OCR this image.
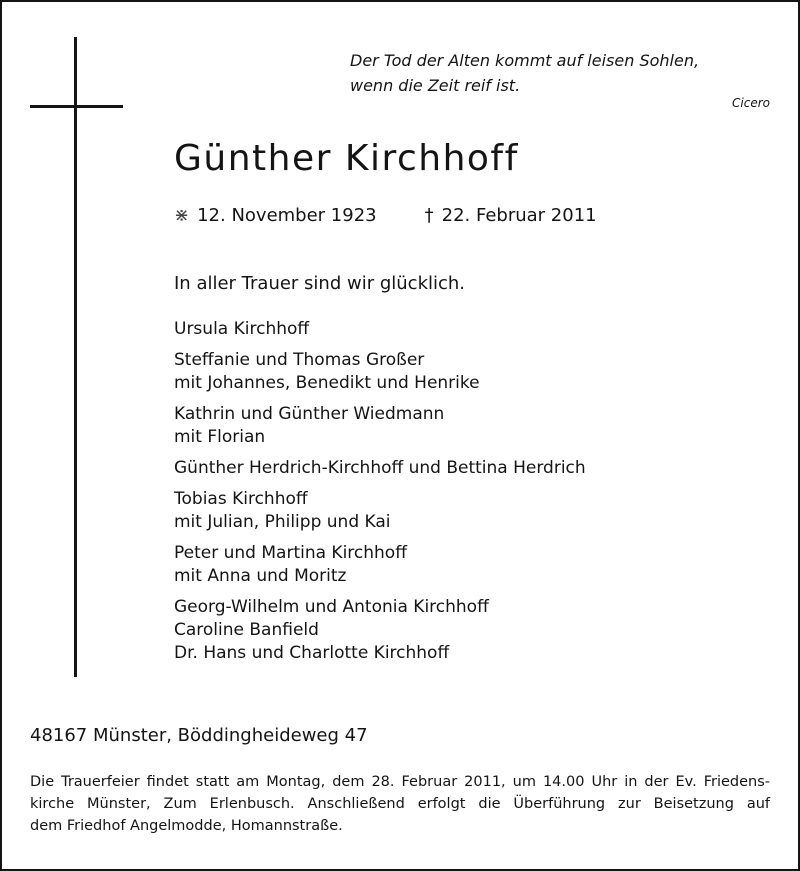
Der Tod der Alten kommt auf leisen Sohlen,
wenn die Zeit reif ist.
Cicero
Günther Kirchhoff
⋇ 12. November 1923	† 22. Februar 2011
In aller Trauer sind wir glücklich.
Ursula Kirchhoff
Steffanie und Thomas Großer
mit Johannes, Benedikt und Henrike
Kathrin und Günther Wiedmann
mit Florian
Günther Herdrich-Kirchhoff und Bettina Herdrich
Tobias Kirchhoff
mit Julian, Philipp und Kai
Peter und Martina Kirchhoff
mit Anna und Moritz
Georg-Wilhelm und Antonia Kirchhoff
Caroline Banfield
Dr. Hans und Charlotte Kirchhoff
48167 Münster, Böddingheideweg 47
Die Trauerfeier findet statt am Montag, dem 28. Februar 2011, um 14.00 Uhr in der Ev. Friedens-
kirche Münster, Zum Erlenbusch. Anschließend erfolgt die Überführung zur Beisetzung auf
dem Friedhof Angelmodde, Homannstraße.
